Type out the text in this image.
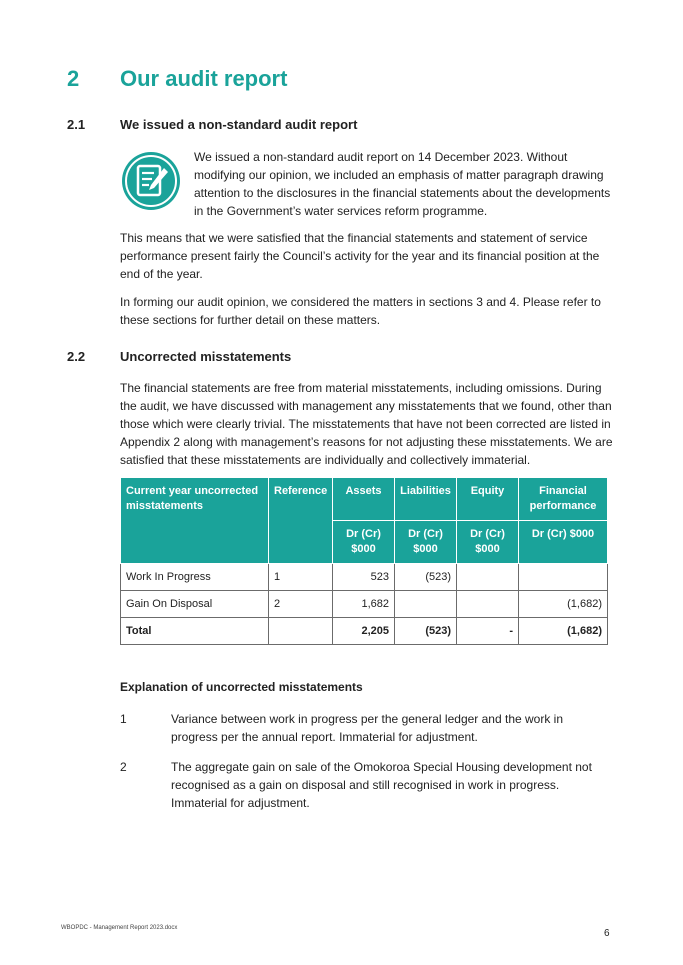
2 Our audit report
2.1	We issued a non-standard audit report
We issued a non-standard audit report on 14 December 2023. Without modifying our opinion, we included an emphasis of matter paragraph drawing attention to the disclosures in the financial statements about the developments in the Government’s water services reform programme.
This means that we were satisfied that the financial statements and statement of service performance present fairly the Council’s activity for the year and its financial position at the end of the year.
In forming our audit opinion, we considered the matters in sections 3 and 4. Please refer to these sections for further detail on these matters.
2.2	Uncorrected misstatements
The financial statements are free from material misstatements, including omissions. During the audit, we have discussed with management any misstatements that we found, other than those which were clearly trivial. The misstatements that have not been corrected are listed in Appendix 2 along with management’s reasons for not adjusting these misstatements. We are satisfied that these misstatements are individually and collectively immaterial.
Current year uncorrected misstatements	Reference	Assets	Liabilities	Equity	Financial performance
		Dr (Cr) $000	Dr (Cr) $000	Dr (Cr) $000	Dr (Cr) $000
Work In Progress	1	523	(523)		
Gain On Disposal	2	1,682			(1,682)
Total		2,205	(523)	-	(1,682)
Explanation of uncorrected misstatements
1	Variance between work in progress per the general ledger and the work in progress per the annual report. Immaterial for adjustment.
2	The aggregate gain on sale of the Omokoroa Special Housing development not recognised as a gain on disposal and still recognised in work in progress. Immaterial for adjustment.
WBOPDC - Management Report 2023.docx	6
